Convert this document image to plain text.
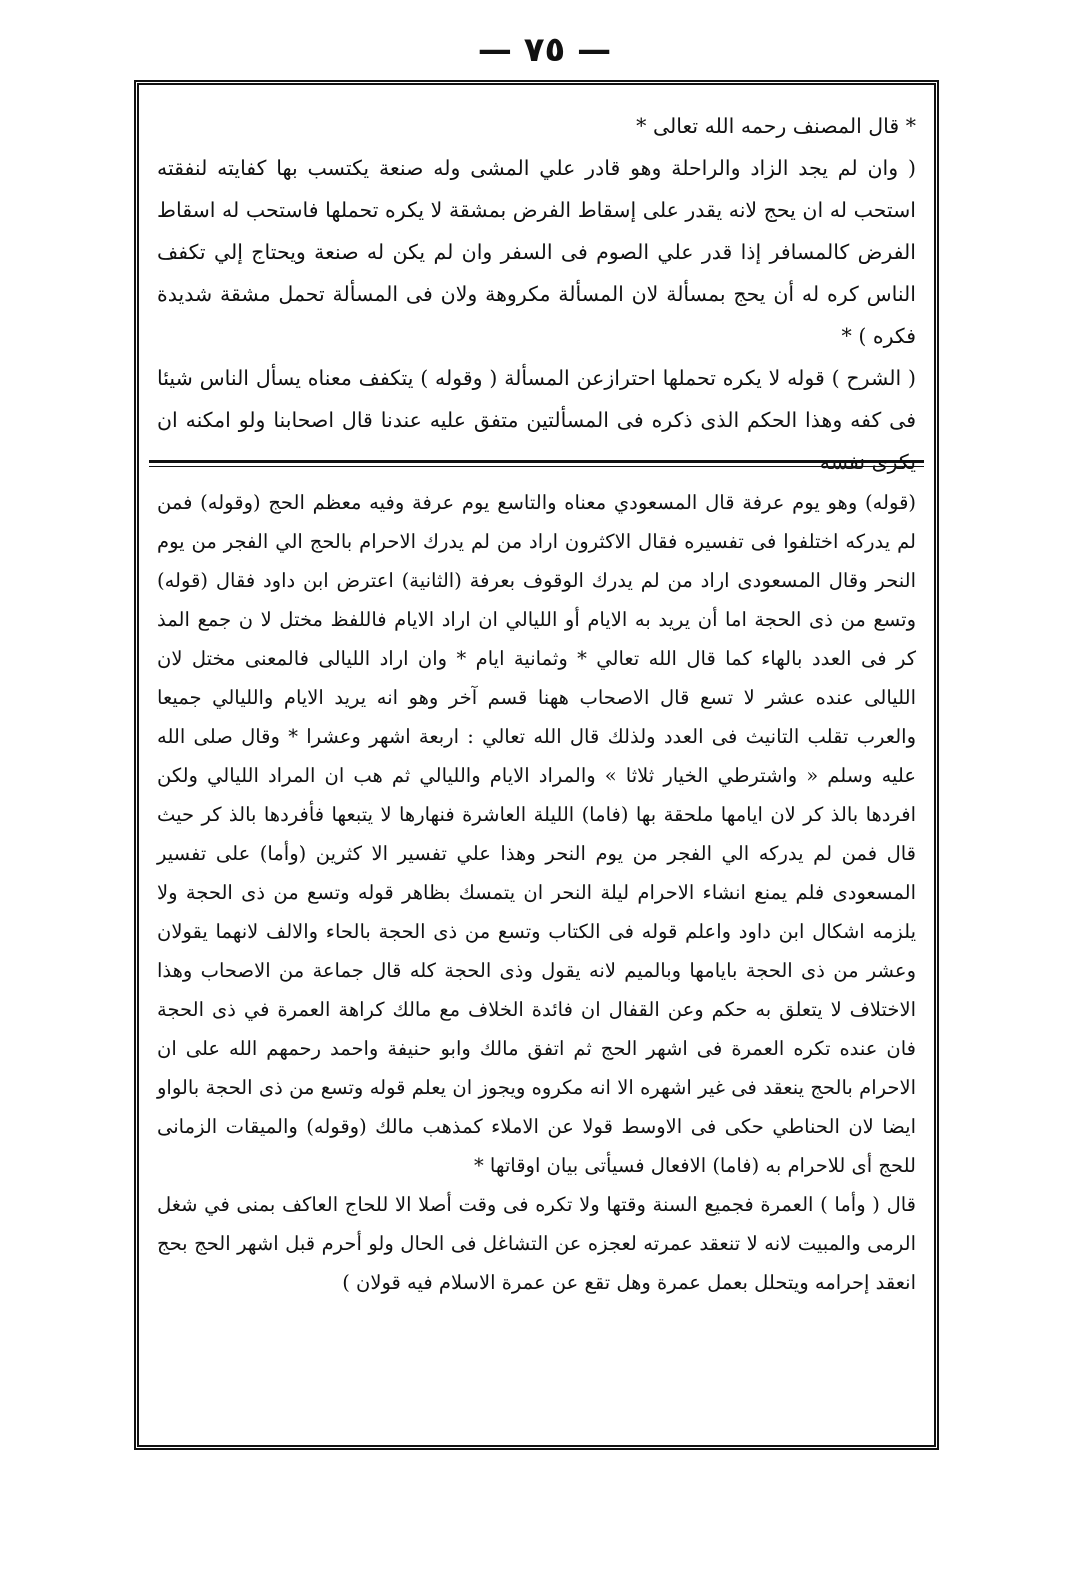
— ٧٥ —

* قال المصنف رحمه الله تعالى *

( وان لم يجد الزاد والراحلة وهو قادر علي المشى وله صنعة يكتسب بها كفايته لنفقته استحب له ان يحج لانه يقدر على إسقاط الفرض بمشقة لا يكره تحملها فاستحب له اسقاط الفرض كالمسافر إذا قدر علي الصوم فى السفر وان لم يكن له صنعة ويحتاج إلي تكفف الناس كره له أن يحج بمسألة لان المسألة مكروهة ولان فى المسألة تحمل مشقة شديدة فكره ) *

( الشرح ) قوله لا يكره تحملها احترازعن المسألة ( وقوله ) يتكفف معناه يسأل الناس شيئا فى كفه وهذا الحكم الذى ذكره فى المسألتين متفق عليه عندنا قال اصحابنا ولو امكنه ان يكرى نفسه

(قوله) وهو يوم عرفة قال المسعودي معناه والتاسع يوم عرفة وفيه معظم الحج (وقوله) فمن لم يدركه اختلفوا فى تفسيره فقال الاكثرون اراد من لم يدرك الاحرام بالحج الي الفجر من يوم النحر وقال المسعودى اراد من لم يدرك الوقوف بعرفة (الثانية) اعترض ابن داود فقال (قوله) وتسع من ذى الحجة اما أن يريد به الايام أو الليالي ان اراد الايام فاللفظ مختل لا ن جمع المذ كر فى العدد بالهاء كما قال الله تعالي * وثمانية ايام * وان اراد الليالى فالمعنى مختل لان الليالى عنده عشر لا تسع قال الاصحاب ههنا قسم آخر وهو انه يريد الايام والليالي جميعا والعرب تقلب التانيث فى العدد ولذلك قال الله تعالي : اربعة اشهر وعشرا * وقال صلى الله عليه وسلم « واشترطي الخيار ثلاثا » والمراد الايام والليالي ثم هب ان المراد الليالي ولكن افردها بالذ كر لان ايامها ملحقة بها (فاما) الليلة العاشرة فنهارها لا يتبعها فأفردها بالذ كر حيث قال فمن لم يدركه الي الفجر من يوم النحر وهذا علي تفسير الا كثرين (وأما) على تفسير المسعودى فلم يمنع انشاء الاحرام ليلة النحر ان يتمسك بظاهر قوله وتسع من ذى الحجة ولا يلزمه اشكال ابن داود واعلم قوله فى الكتاب وتسع من ذى الحجة بالحاء والالف لانهما يقولان وعشر من ذى الحجة بايامها وبالميم لانه يقول وذى الحجة كله قال جماعة من الاصحاب وهذا الاختلاف لا يتعلق به حكم وعن القفال ان فائدة الخلاف مع مالك كراهة العمرة في ذى الحجة فان عنده تكره العمرة فى اشهر الحج ثم اتفق مالك وابو حنيفة واحمد رحمهم الله على ان الاحرام بالحج ينعقد فى غير اشهره الا انه مكروه ويجوز ان يعلم قوله وتسع من ذى الحجة بالواو ايضا لان الحناطي حكى فى الاوسط قولا عن الاملاء كمذهب مالك (وقوله) والميقات الزمانى للحج أى للاحرام به (فاما) الافعال فسيأتى بيان اوقاتها *

قال ( وأما ) العمرة فجميع السنة وقتها ولا تكره فى وقت أصلا الا للحاج العاكف بمنى في شغل الرمى والمبيت لانه لا تنعقد عمرته لعجزه عن التشاغل فى الحال ولو أحرم قبل اشهر الحج بحج انعقد إحرامه ويتحلل بعمل عمرة وهل تقع عن عمرة الاسلام فيه قولان )
